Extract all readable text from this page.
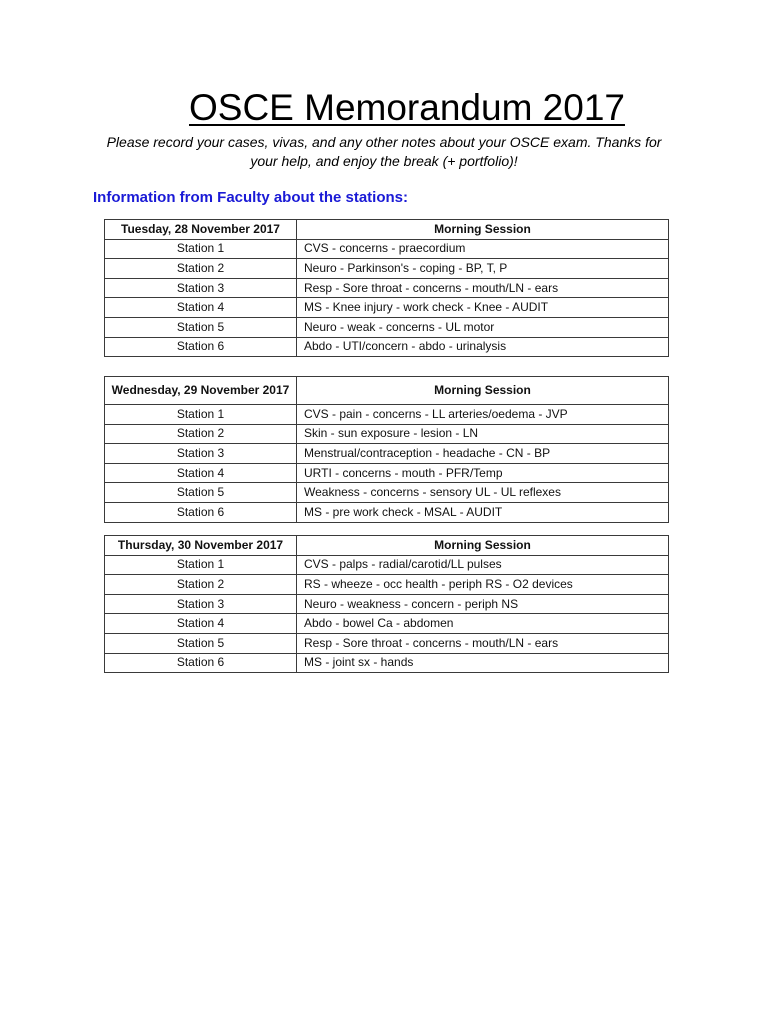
OSCE Memorandum 2017

Please record your cases, vivas, and any other notes about your OSCE exam. Thanks for your help, and enjoy the break (+ portfolio)!

Information from Faculty about the stations:

Tuesday, 28 November 2017	Morning Session
Station 1	CVS - concerns - praecordium
Station 2	Neuro - Parkinson's - coping - BP, T, P
Station 3	Resp - Sore throat - concerns - mouth/LN - ears
Station 4	MS - Knee injury - work check - Knee - AUDIT
Station 5	Neuro - weak - concerns - UL motor
Station 6	Abdo - UTI/concern - abdo - urinalysis
Wednesday, 29 November 2017	Morning Session
Station 1	CVS - pain - concerns - LL arteries/oedema - JVP
Station 2	Skin - sun exposure - lesion - LN
Station 3	Menstrual/contraception - headache - CN - BP
Station 4	URTI - concerns - mouth - PFR/Temp
Station 5	Weakness - concerns - sensory UL - UL reflexes
Station 6	MS - pre work check - MSAL - AUDIT
Thursday, 30 November 2017	Morning Session
Station 1	CVS - palps - radial/carotid/LL pulses
Station 2	RS - wheeze - occ health - periph RS - O2 devices
Station 3	Neuro - weakness - concern - periph NS
Station 4	Abdo - bowel Ca - abdomen
Station 5	Resp - Sore throat - concerns - mouth/LN - ears
Station 6	MS - joint sx - hands
